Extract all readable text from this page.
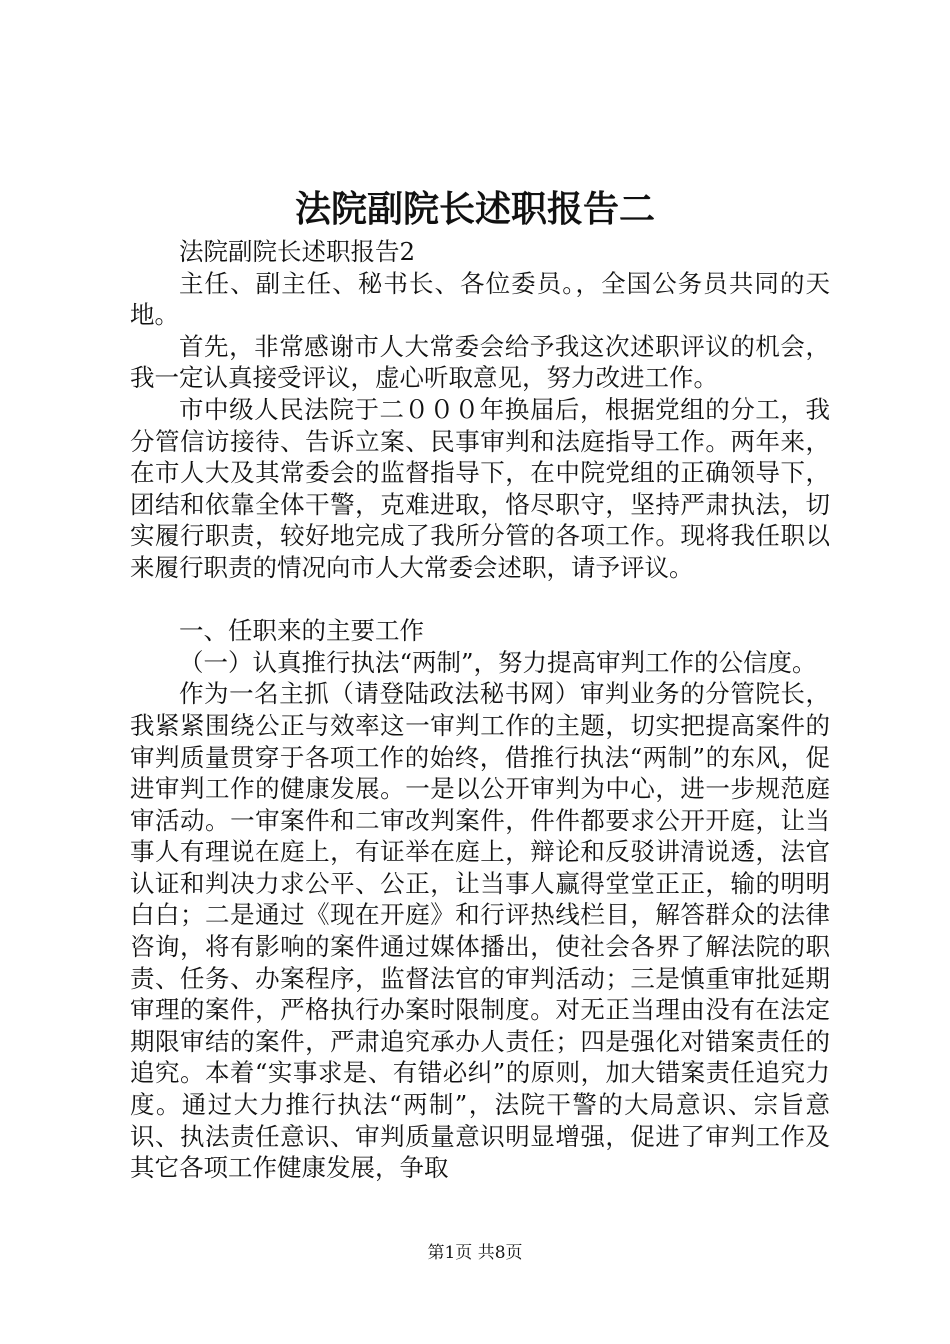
法院副院长述职报告二

法院副院长述职报告2

主任、副主任、秘书长、各位委员。，全国公务员共同的天地。

首先，非常感谢市人大常委会给予我这次述职评议的机会，我一定认真接受评议，虚心听取意见，努力改进工作。

市中级人民法院于二０００年换届后，根据党组的分工，我分管信访接待、告诉立案、民事审判和法庭指导工作。两年来，在市人大及其常委会的监督指导下，在中院党组的正确领导下，团结和依靠全体干警，克难进取，恪尽职守，坚持严肃执法，切实履行职责，较好地完成了我所分管的各项工作。现将我任职以来履行职责的情况向市人大常委会述职，请予评议。

一、任职来的主要工作

（一）认真推行执法“两制”，努力提高审判工作的公信度。

作为一名主抓（请登陆政法秘书网）审判业务的分管院长，我紧紧围绕公正与效率这一审判工作的主题，切实把提高案件的审判质量贯穿于各项工作的始终，借推行执法“两制”的东风，促进审判工作的健康发展。一是以公开审判为中心，进一步规范庭审活动。一审案件和二审改判案件，件件都要求公开开庭，让当事人有理说在庭上，有证举在庭上，辩论和反驳讲清说透，法官认证和判决力求公平、公正，让当事人赢得堂堂正正，输的明明白白；二是通过《现在开庭》和行评热线栏目，解答群众的法律咨询，将有影响的案件通过媒体播出，使社会各界了解法院的职责、任务、办案程序，监督法官的审判活动；三是慎重审批延期审理的案件，严格执行办案时限制度。对无正当理由没有在法定期限审结的案件，严肃追究承办人责任；四是强化对错案责任的追究。本着“实事求是、有错必纠”的原则，加大错案责任追究力度。通过大力推行执法“两制”，法院干警的大局意识、宗旨意识、执法责任意识、审判质量意识明显增强，促进了审判工作及其它各项工作健康发展，争取

第1页 共8页
